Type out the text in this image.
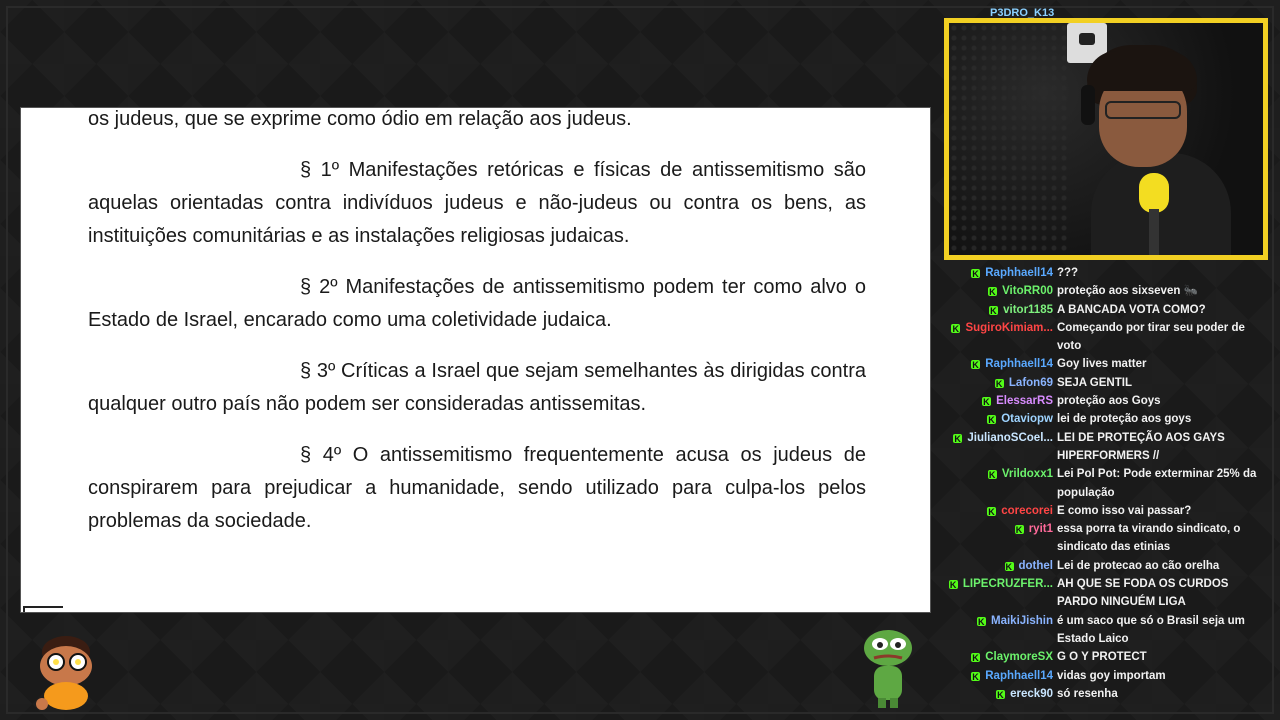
os judeus, que se exprime como ódio em relação aos judeus.

§ 1º Manifestações retóricas e físicas de antissemitismo são aquelas orientadas contra indivíduos judeus e não-judeus ou contra os bens, as instituições comunitárias e as instalações religiosas judaicas.

§ 2º Manifestações de antissemitismo podem ter como alvo o Estado de Israel, encarado como uma coletividade judaica.

§ 3º Críticas a Israel que sejam semelhantes às dirigidas contra qualquer outro país não podem ser consideradas antissemitas.

§ 4º O antissemitismo frequentemente acusa os judeus de conspirarem para prejudicar a humanidade, sendo utilizado para culpa-los pelos problemas da sociedade.

P3DRO_K13
K
Raphhaell14 ???
K
VitoRR00 proteção aos sixseven 🐜
K
vitor1185 A BANCADA VOTA COMO?
K
SugiroKimiam... Começando por tirar seu poder de voto
K
Raphhaell14 Goy lives matter
K
Lafon69 SEJA GENTIL
K
ElessarRS proteção aos Goys
K
Otaviopw lei de proteção aos goys
K
JiulianoSCoel... LEI DE PROTEÇÃO AOS GAYS HIPERFORMERS //
K
Vrildoxx1 Lei Pol Pot: Pode exterminar 25% da população
K
corecorei E como isso vai passar?
K
ryit1 essa porra ta virando sindicato, o sindicato das etinias
K
dothel Lei de protecao ao cão orelha
K
LIPECRUZFER... AH QUE SE FODA OS CURDOS PARDO NINGUÉM LIGA
K
MaikiJishin é um saco que só o Brasil seja um Estado Laico
K
ClaymoreSX G O Y PROTECT
K
Raphhaell14 vidas goy importam
K
ereck90 só resenha
